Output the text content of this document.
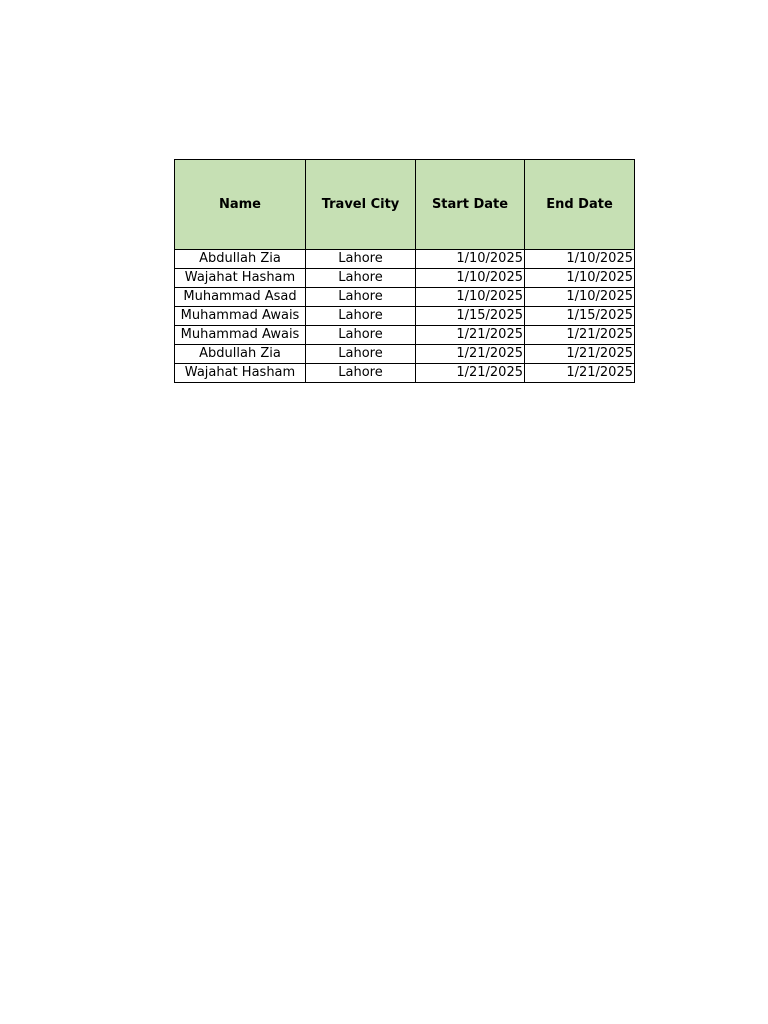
Name	Travel City	Start Date	End Date
Abdullah Zia	Lahore	1/10/2025	1/10/2025
Wajahat Hasham	Lahore	1/10/2025	1/10/2025
Muhammad Asad	Lahore	1/10/2025	1/10/2025
Muhammad Awais	Lahore	1/15/2025	1/15/2025
Muhammad Awais	Lahore	1/21/2025	1/21/2025
Abdullah Zia	Lahore	1/21/2025	1/21/2025
Wajahat Hasham	Lahore	1/21/2025	1/21/2025
